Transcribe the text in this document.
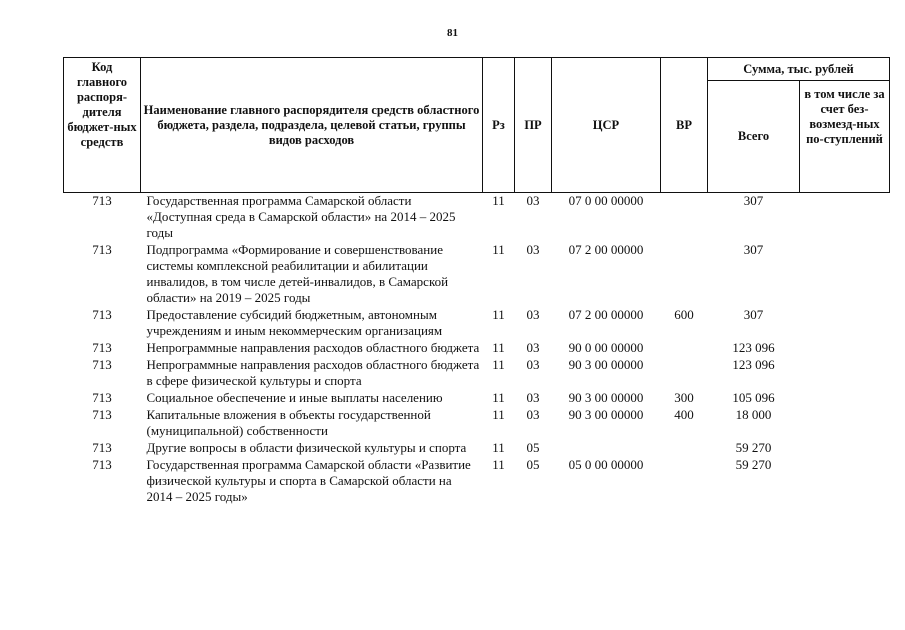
81
Код главного распоря-дителя бюджет-ных средств	Наименование главного распорядителя средств областного бюджета, раздела, подраздела, целевой статьи, группы видов расходов	Рз	ПР	ЦСР	ВР	Сумма, тыс. рублей	
						Всего	в том числе за счет без-возмезд-ных по-ступлений
713	Государственная программа Самарской области «Доступная среда в Самарской области» на 2014 – 2025 годы	11	03	07 0 00 00000		307	
713	Подпрограмма «Формирование и совершенствование системы комплексной реабилитации и абилитации инвалидов, в том числе детей-инвалидов, в Самарской области» на 2019 – 2025 годы	11	03	07 2 00 00000		307	
713	Предоставление субсидий бюджетным, автономным учреждениям и иным некоммерческим организациям	11	03	07 2 00 00000	600	307	
713	Непрограммные направления расходов областного бюджета	11	03	90 0 00 00000		123 096	
713	Непрограммные направления расходов областного бюджета в сфере физической культуры и спорта	11	03	90 3 00 00000		123 096	
713	Социальное обеспечение и иные выплаты населению	11	03	90 3 00 00000	300	105 096	
713	Капитальные вложения в объекты государственной (муниципальной) собственности	11	03	90 3 00 00000	400	18 000	
713	Другие вопросы в области физической культуры и спорта	11	05			59 270	
713	Государственная программа Самарской области «Развитие физической культуры и спорта в Самарской области на 2014 – 2025 годы»	11	05	05 0 00 00000		59 270	
